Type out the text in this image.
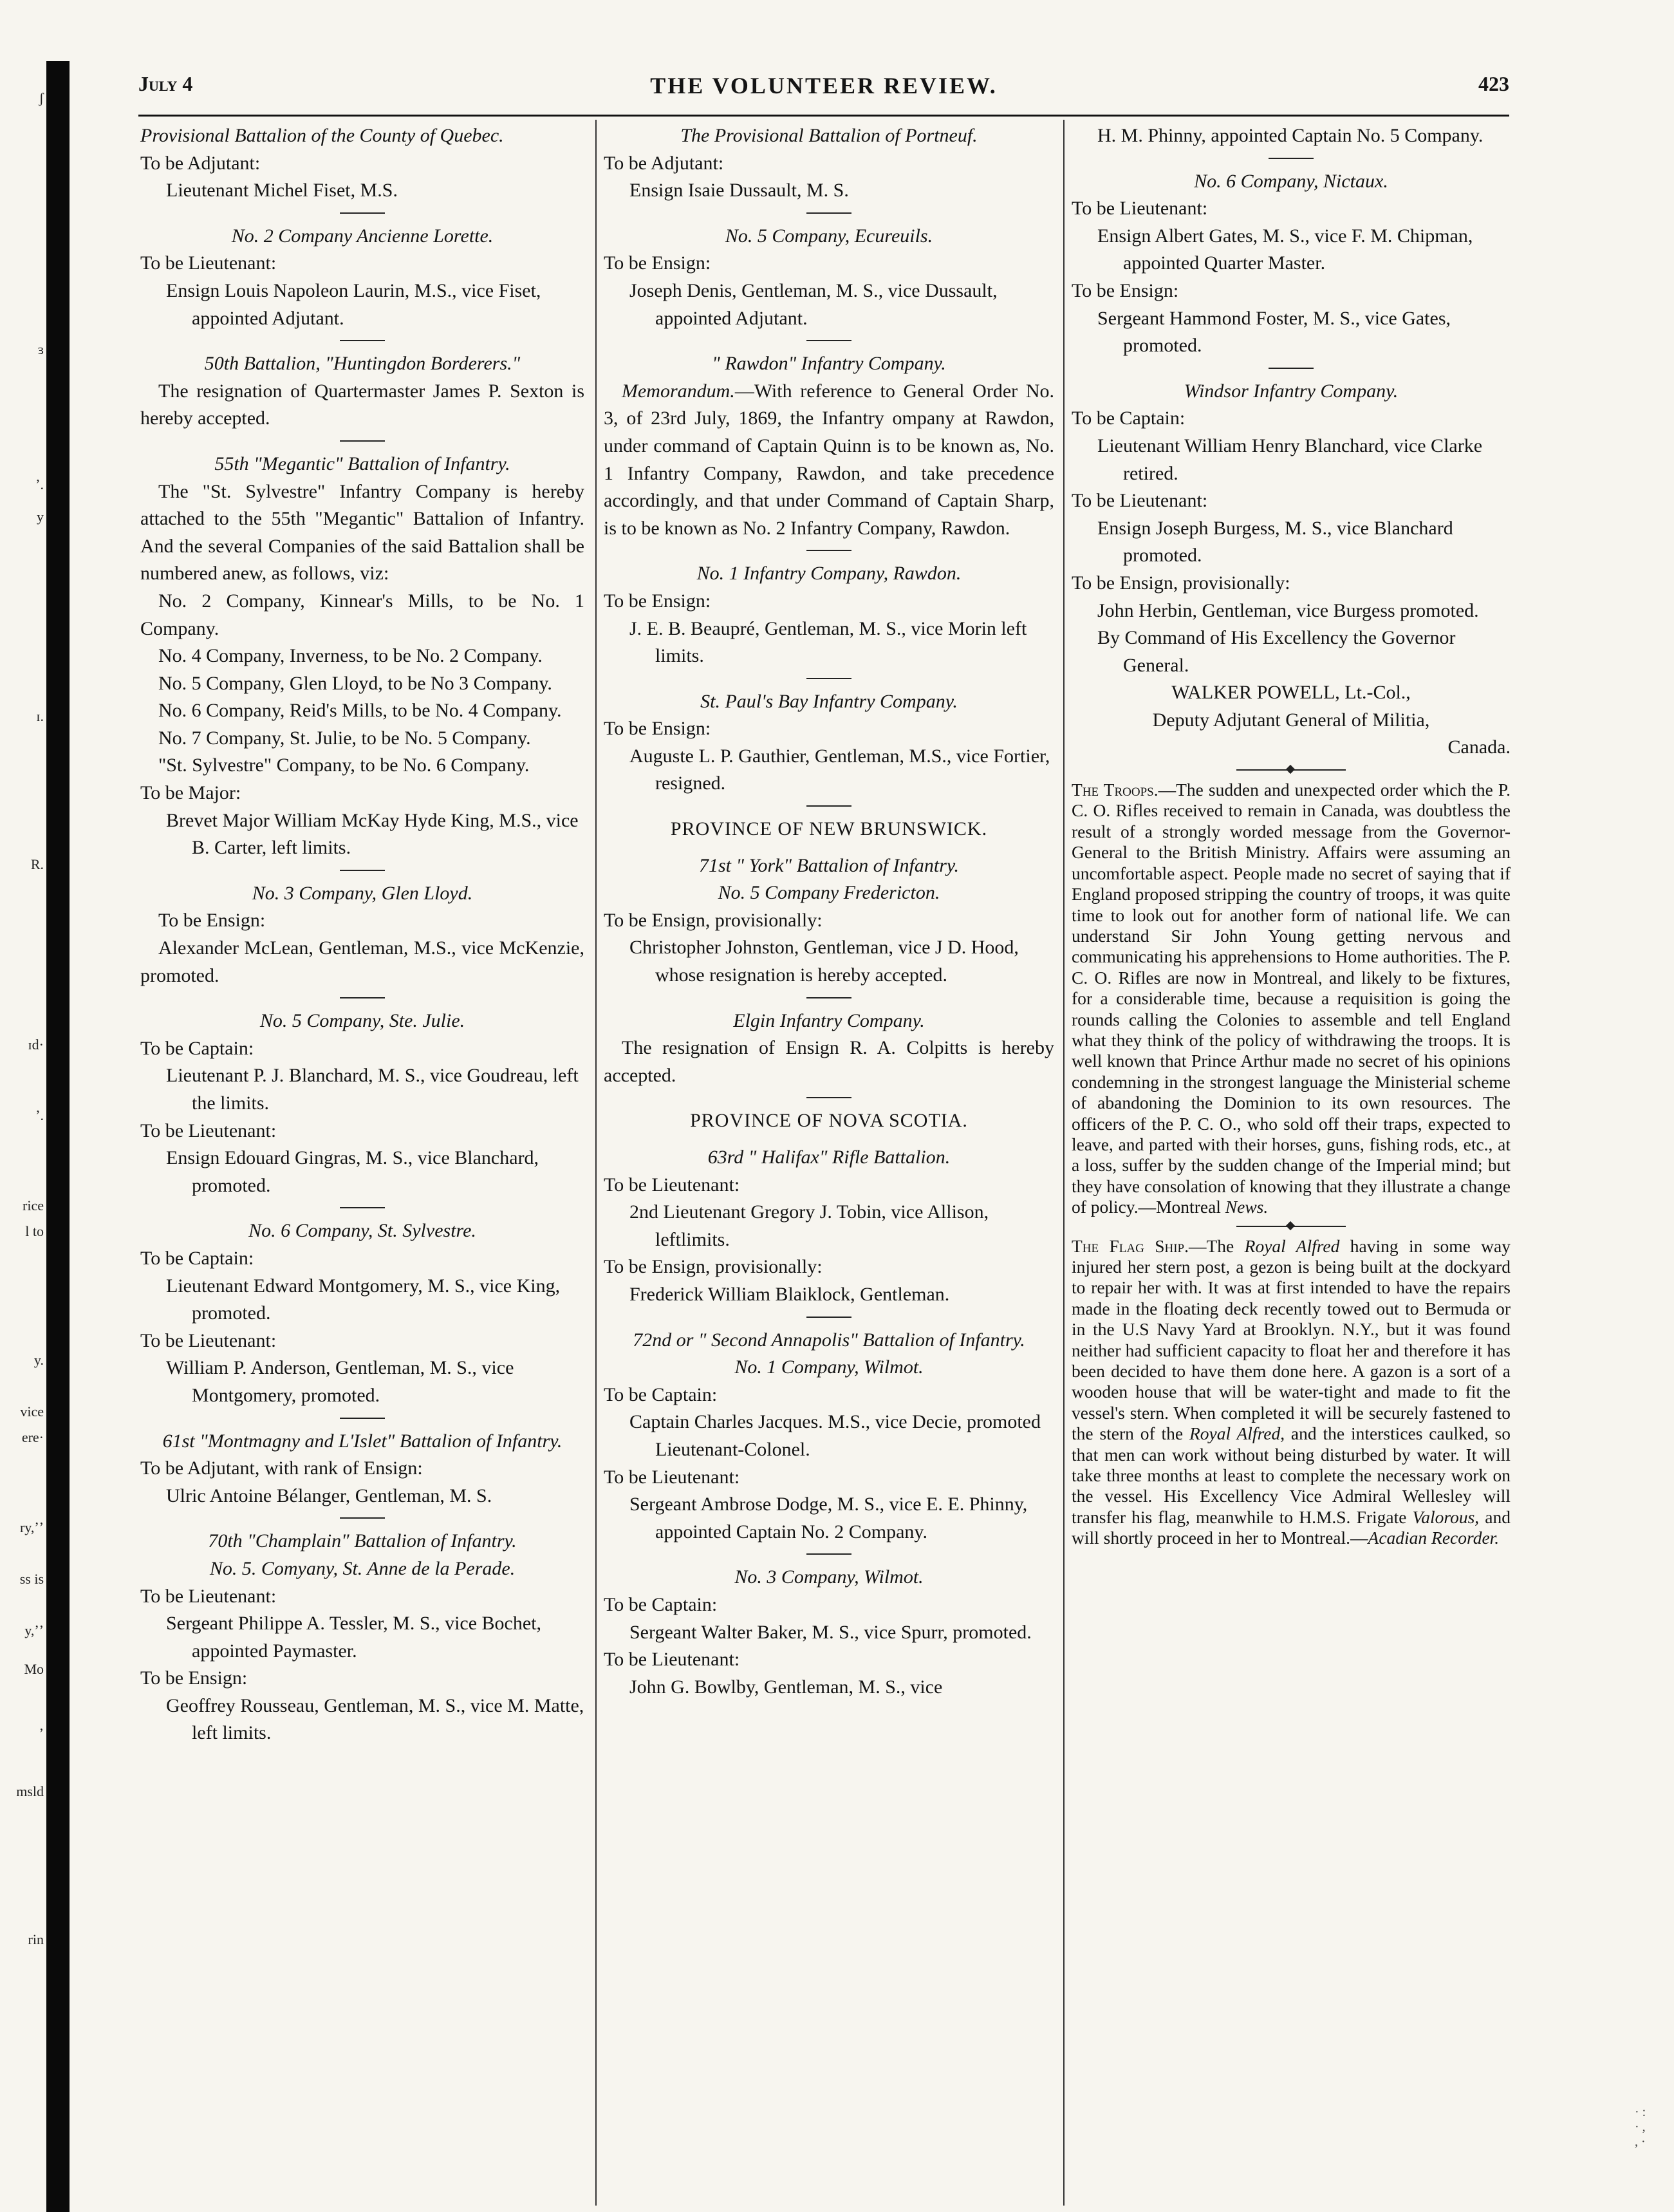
ʃ
ɜ
ʼ.
y
ɪ.
R.
ɪd·
ʼ.
rice
l to
y.
vice
ere·
ry,ʼʼ
ss is
y,ʼʼ
Mo
ʼ
msld
rin
· :
· ,
, ·
July 4	THE VOLUNTEER REVIEW.	423

Provisional Battalion of the County of Quebec.

To be Adjutant:

Lieutenant Michel Fiset, M.S.

No. 2 Company Ancienne Lorette.

To be Lieutenant:

Ensign Louis Napoleon Laurin, M.S., vice Fiset, appointed Adjutant.

50th Battalion, "Huntingdon Borderers."

The resignation of Quartermaster James P. Sexton is hereby accepted.

55th "Megantic" Battalion of Infantry.

The "St. Sylvestre" Infantry Company is hereby attached to the 55th "Megantic" Battalion of Infantry. And the several Companies of the said Battalion shall be numbered anew, as follows, viz:

No. 2 Company, Kinnear's Mills, to be No. 1 Company.

No. 4 Company, Inverness, to be No. 2 Company.

No. 5 Company, Glen Lloyd, to be No 3 Company.

No. 6 Company, Reid's Mills, to be No. 4 Company.

No. 7 Company, St. Julie, to be No. 5 Company.

"St. Sylvestre" Company, to be No. 6 Company.

To be Major:

Brevet Major William McKay Hyde King, M.S., vice B. Carter, left limits.

No. 3 Company, Glen Lloyd.

To be Ensign:

Alexander McLean, Gentleman, M.S., vice McKenzie, promoted.

No. 5 Company, Ste. Julie.

To be Captain:

Lieutenant P. J. Blanchard, M. S., vice Goudreau, left the limits.

To be Lieutenant:

Ensign Edouard Gingras, M. S., vice Blanchard, promoted.

No. 6 Company, St. Sylvestre.

To be Captain:

Lieutenant Edward Montgomery, M. S., vice King, promoted.

To be Lieutenant:

William P. Anderson, Gentleman, M. S., vice Montgomery, promoted.

61st "Montmagny and L'Islet" Battalion of Infantry.

To be Adjutant, with rank of Ensign:

Ulric Antoine Bélanger, Gentleman, M. S.

70th "Champlain" Battalion of Infantry.

No. 5. Comyany, St. Anne de la Perade.

To be Lieutenant:

Sergeant Philippe A. Tessler, M. S., vice Bochet, appointed Paymaster.

To be Ensign:

Geoffrey Rousseau, Gentleman, M. S., vice M. Matte, left limits.

The Provisional Battalion of Portneuf.

To be Adjutant:

Ensign Isaie Dussault, M. S.

No. 5 Company, Ecureuils.

To be Ensign:

Joseph Denis, Gentleman, M. S., vice Dussault, appointed Adjutant.

" Rawdon" Infantry Company.

Memorandum.—With reference to General Order No. 3, of 23rd July, 1869, the Infantry ompany at Rawdon, under command of Captain Quinn is to be known as, No. 1 Infantry Company, Rawdon, and take precedence accordingly, and that under Command of Captain Sharp, is to be known as No. 2 Infantry Company, Rawdon.

No. 1 Infantry Company, Rawdon.

To be Ensign:

J. E. B. Beaupré, Gentleman, M. S., vice Morin left limits.

St. Paul's Bay Infantry Company.

To be Ensign:

Auguste L. P. Gauthier, Gentleman, M.S., vice Fortier, resigned.

PROVINCE OF NEW BRUNSWICK.

71st " York" Battalion of Infantry.

No. 5 Company Fredericton.

To be Ensign, provisionally:

Christopher Johnston, Gentleman, vice J D. Hood, whose resignation is hereby accepted.

Elgin Infantry Company.

The resignation of Ensign R. A. Colpitts is hereby accepted.

PROVINCE OF NOVA SCOTIA.

63rd " Halifax" Rifle Battalion.

To be Lieutenant:

2nd Lieutenant Gregory J. Tobin, vice Allison, leftlimits.

To be Ensign, provisionally:

Frederick William Blaiklock, Gentleman.

72nd or " Second Annapolis" Battalion of Infantry.

No. 1 Company, Wilmot.

To be Captain:

Captain Charles Jacques. M.S., vice Decie, promoted Lieutenant-Colonel.

To be Lieutenant:

Sergeant Ambrose Dodge, M. S., vice E. E. Phinny, appointed Captain No. 2 Company.

No. 3 Company, Wilmot.

To be Captain:

Sergeant Walter Baker, M. S., vice Spurr, promoted.

To be Lieutenant:

John G. Bowlby, Gentleman, M. S., vice

H. M. Phinny, appointed Captain No. 5 Company.

No. 6 Company, Nictaux.

To be Lieutenant:

Ensign Albert Gates, M. S., vice F. M. Chipman, appointed Quarter Master.

To be Ensign:

Sergeant Hammond Foster, M. S., vice Gates, promoted.

Windsor Infantry Company.

To be Captain:

Lieutenant William Henry Blanchard, vice Clarke retired.

To be Lieutenant:

Ensign Joseph Burgess, M. S., vice Blanchard promoted.

To be Ensign, provisionally:

John Herbin, Gentleman, vice Burgess promoted.

By Command of His Excellency the Governor General.

WALKER POWELL, Lt.-Col.,

Deputy Adjutant General of Militia,

Canada.

The Troops.—The sudden and unexpected order which the P. C. O. Rifles received to remain in Canada, was doubtless the result of a strongly worded message from the Governor-General to the British Ministry. Affairs were assuming an uncomfortable aspect. People made no secret of saying that if England proposed stripping the country of troops, it was quite time to look out for another form of national life. We can understand Sir John Young getting nervous and communicating his apprehensions to Home authorities. The P. C. O. Rifles are now in Montreal, and likely to be fixtures, for a considerable time, because a requisition is going the rounds calling the Colonies to assemble and tell England what they think of the policy of withdrawing the troops. It is well known that Prince Arthur made no secret of his opinions condemning in the strongest language the Ministerial scheme of abandoning the Dominion to its own resources. The officers of the P. C. O., who sold off their traps, expected to leave, and parted with their horses, guns, fishing rods, etc., at a loss, suffer by the sudden change of the Imperial mind; but they have consolation of knowing that they illustrate a change of policy.—Montreal News.

The Flag Ship.—The Royal Alfred having in some way injured her stern post, a gezon is being built at the dockyard to repair her with. It was at first intended to have the repairs made in the floating deck recently towed out to Bermuda or in the U.S Navy Yard at Brooklyn. N.Y., but it was found neither had sufficient capacity to float her and therefore it has been decided to have them done here. A gazon is a sort of a wooden house that will be water-tight and made to fit the vessel's stern. When completed it will be securely fastened to the stern of the Royal Alfred, and the interstices caulked, so that men can work without being disturbed by water. It will take three months at least to complete the necessary work on the vessel. His Excellency Vice Admiral Wellesley will transfer his flag, meanwhile to H.M.S. Frigate Valorous, and will shortly proceed in her to Montreal.—Acadian Recorder.
